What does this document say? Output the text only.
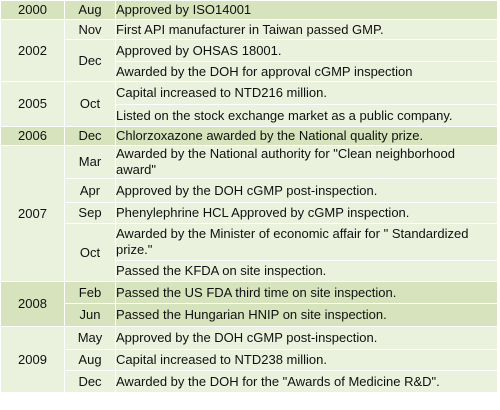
2000	Aug	Approved by ISO14001
2002	Nov	First API manufacturer in Taiwan passed GMP.
	Dec	Approved by OHSAS 18001.
		Awarded by the DOH for approval cGMP inspection
2005	Oct	Capital increased to NTD216 million.
		Listed on the stock exchange market as a public company.
2006	Dec	Chlorzoxazone awarded by the National quality prize.
2007	Mar	Awarded by the National authority for "Clean neighborhood award"
	Apr	Approved by the DOH cGMP post-inspection.
	Sep	Phenylephrine HCL Approved by cGMP inspection.
	Oct	Awarded by the Minister of economic affair for " Standardized prize."
		Passed the KFDA on site inspection.
2008	Feb	Passed the US FDA third time on site inspection.
	Jun	Passed the Hungarian HNIP on site inspection.
2009	May	Approved by the DOH cGMP post-inspection.
	Aug	Capital increased to NTD238 million.
	Dec	Awarded by the DOH for the "Awards of Medicine R&D".
